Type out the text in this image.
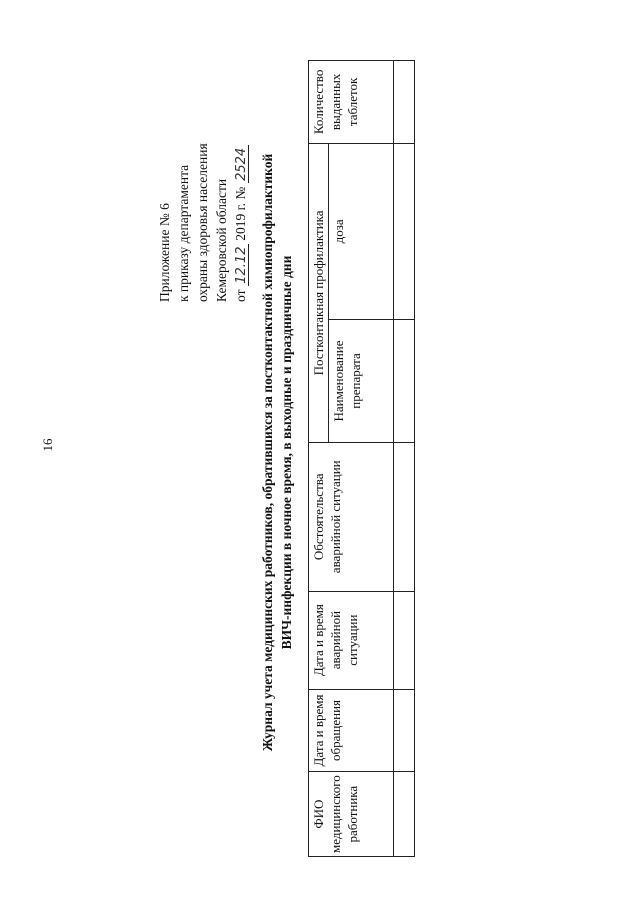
16
Приложение № 6 к приказу департамента охраны здоровья населения Кемеровской области от 12.12 2019 г. № 2524 Журнал учета медицинских работников, обратившихся за постконтактной химиопрофилактикой ВИЧ-инфекции в ночное время, в выходные и праздничные дни
ФИО медицинского работника	Дата и время обращения	Дата и время аварийной ситуации	Обстоятельства аварийной ситуации	Постконтакная профилактика		Количество выданных таблеток
				Наименование препарата	доза	
